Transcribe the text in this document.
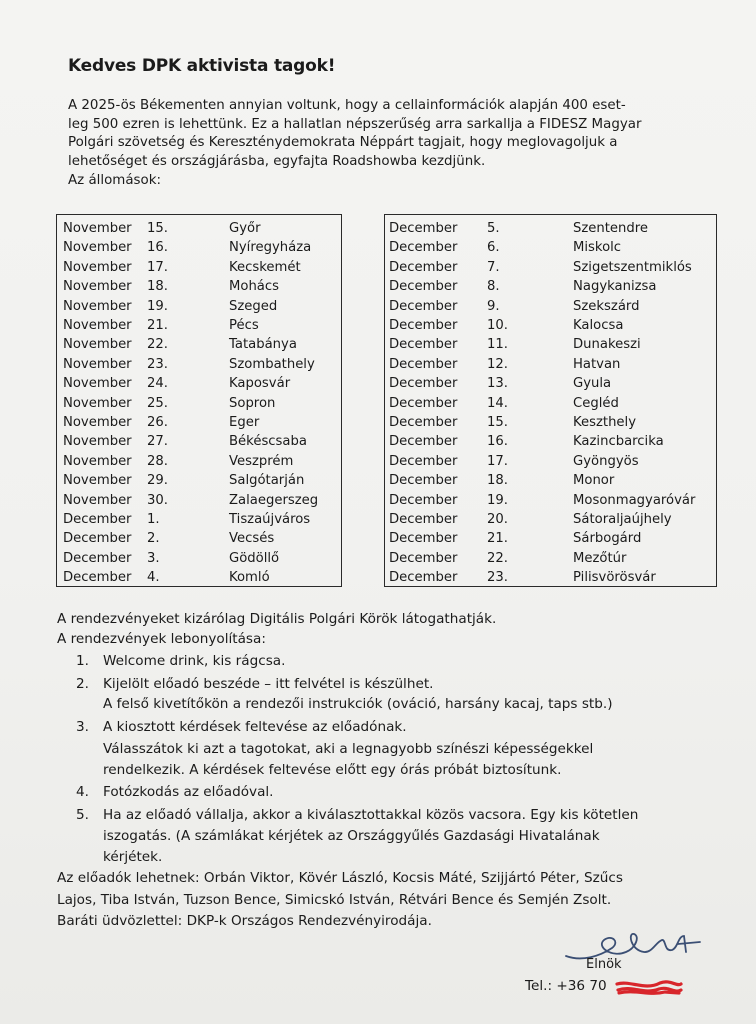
Kedves DPK aktivista tagok!
A 2025-ös Békementen annyian voltunk, hogy a cellainformációk alapján 400 eset-
leg 500 ezren is lehettünk. Ez a hallatlan népszerűség arra sarkallja a FIDESZ Magyar
Polgári szövetség és Kereszténydemokrata Néppárt tagjait, hogy meglovagoljuk a
lehetőséget és országjárásba, egyfajta Roadshowba kezdjünk.
Az állomások:
November 15.	Győr
November 16.	Nyíregyháza
November 17.	Kecskemét
November 18.	Mohács
November 19.	Szeged
November 21.	Pécs
November 22.	Tatabánya
November 23.	Szombathely
November 24.	Kaposvár
November 25.	Sopron
November 26.	Eger
November 27.	Békéscsaba
November 28.	Veszprém
November 29.	Salgótarján
November 30.	Zalaegerszeg
December 1.	Tiszaújváros
December 2.	Vecsés
December 3.	Gödöllő
December 4.	Komló
December 5.	Szentendre
December 6.	Miskolc
December 7.	Szigetszentmiklós
December 8.	Nagykanizsa
December 9.	Szekszárd
December 10.	Kalocsa
December 11.	Dunakeszi
December 12.	Hatvan
December 13.	Gyula
December 14.	Cegléd
December 15.	Keszthely
December 16.	Kazincbarcika
December 17.	Gyöngyös
December 18.	Monor
December 19.	Mosonmagyaróvár
December 20.	Sátoraljaújhely
December 21.	Sárbogárd
December 22.	Mezőtúr
December 23.	Pilisvörösvár
A rendezvényeket kizárólag Digitális Polgári Körök látogathatják.
A rendezvények lebonyolítása:
1. Welcome drink, kis rágcsa.
2. Kijelölt előadó beszéde – itt felvétel is készülhet.
A felső kivetítőkön a rendezői instrukciók (ováció, harsány kacaj, taps stb.)
3. A kiosztott kérdések feltevése az előadónak.
Válasszátok ki azt a tagotokat, aki a legnagyobb színészi képességekkel
rendelkezik. A kérdések feltevése előtt egy órás próbát biztosítunk.
4. Fotózkodás az előadóval.
5. Ha az előadó vállalja, akkor a kiválasztottakkal közös vacsora. Egy kis kötetlen
iszogatás. (A számlákat kérjétek az Országgyűlés Gazdasági Hivatalának
kérjétek.
Az előadók lehetnek: Orbán Viktor, Kövér László, Kocsis Máté, Szijjártó Péter, Szűcs
Lajos, Tiba István, Tuzson Bence, Simicskó István, Rétvári Bence és Semjén Zsolt.
Baráti üdvözlettel: DKP-k Országos Rendezvényirodája.
Elnök
Tel.: +36 70
